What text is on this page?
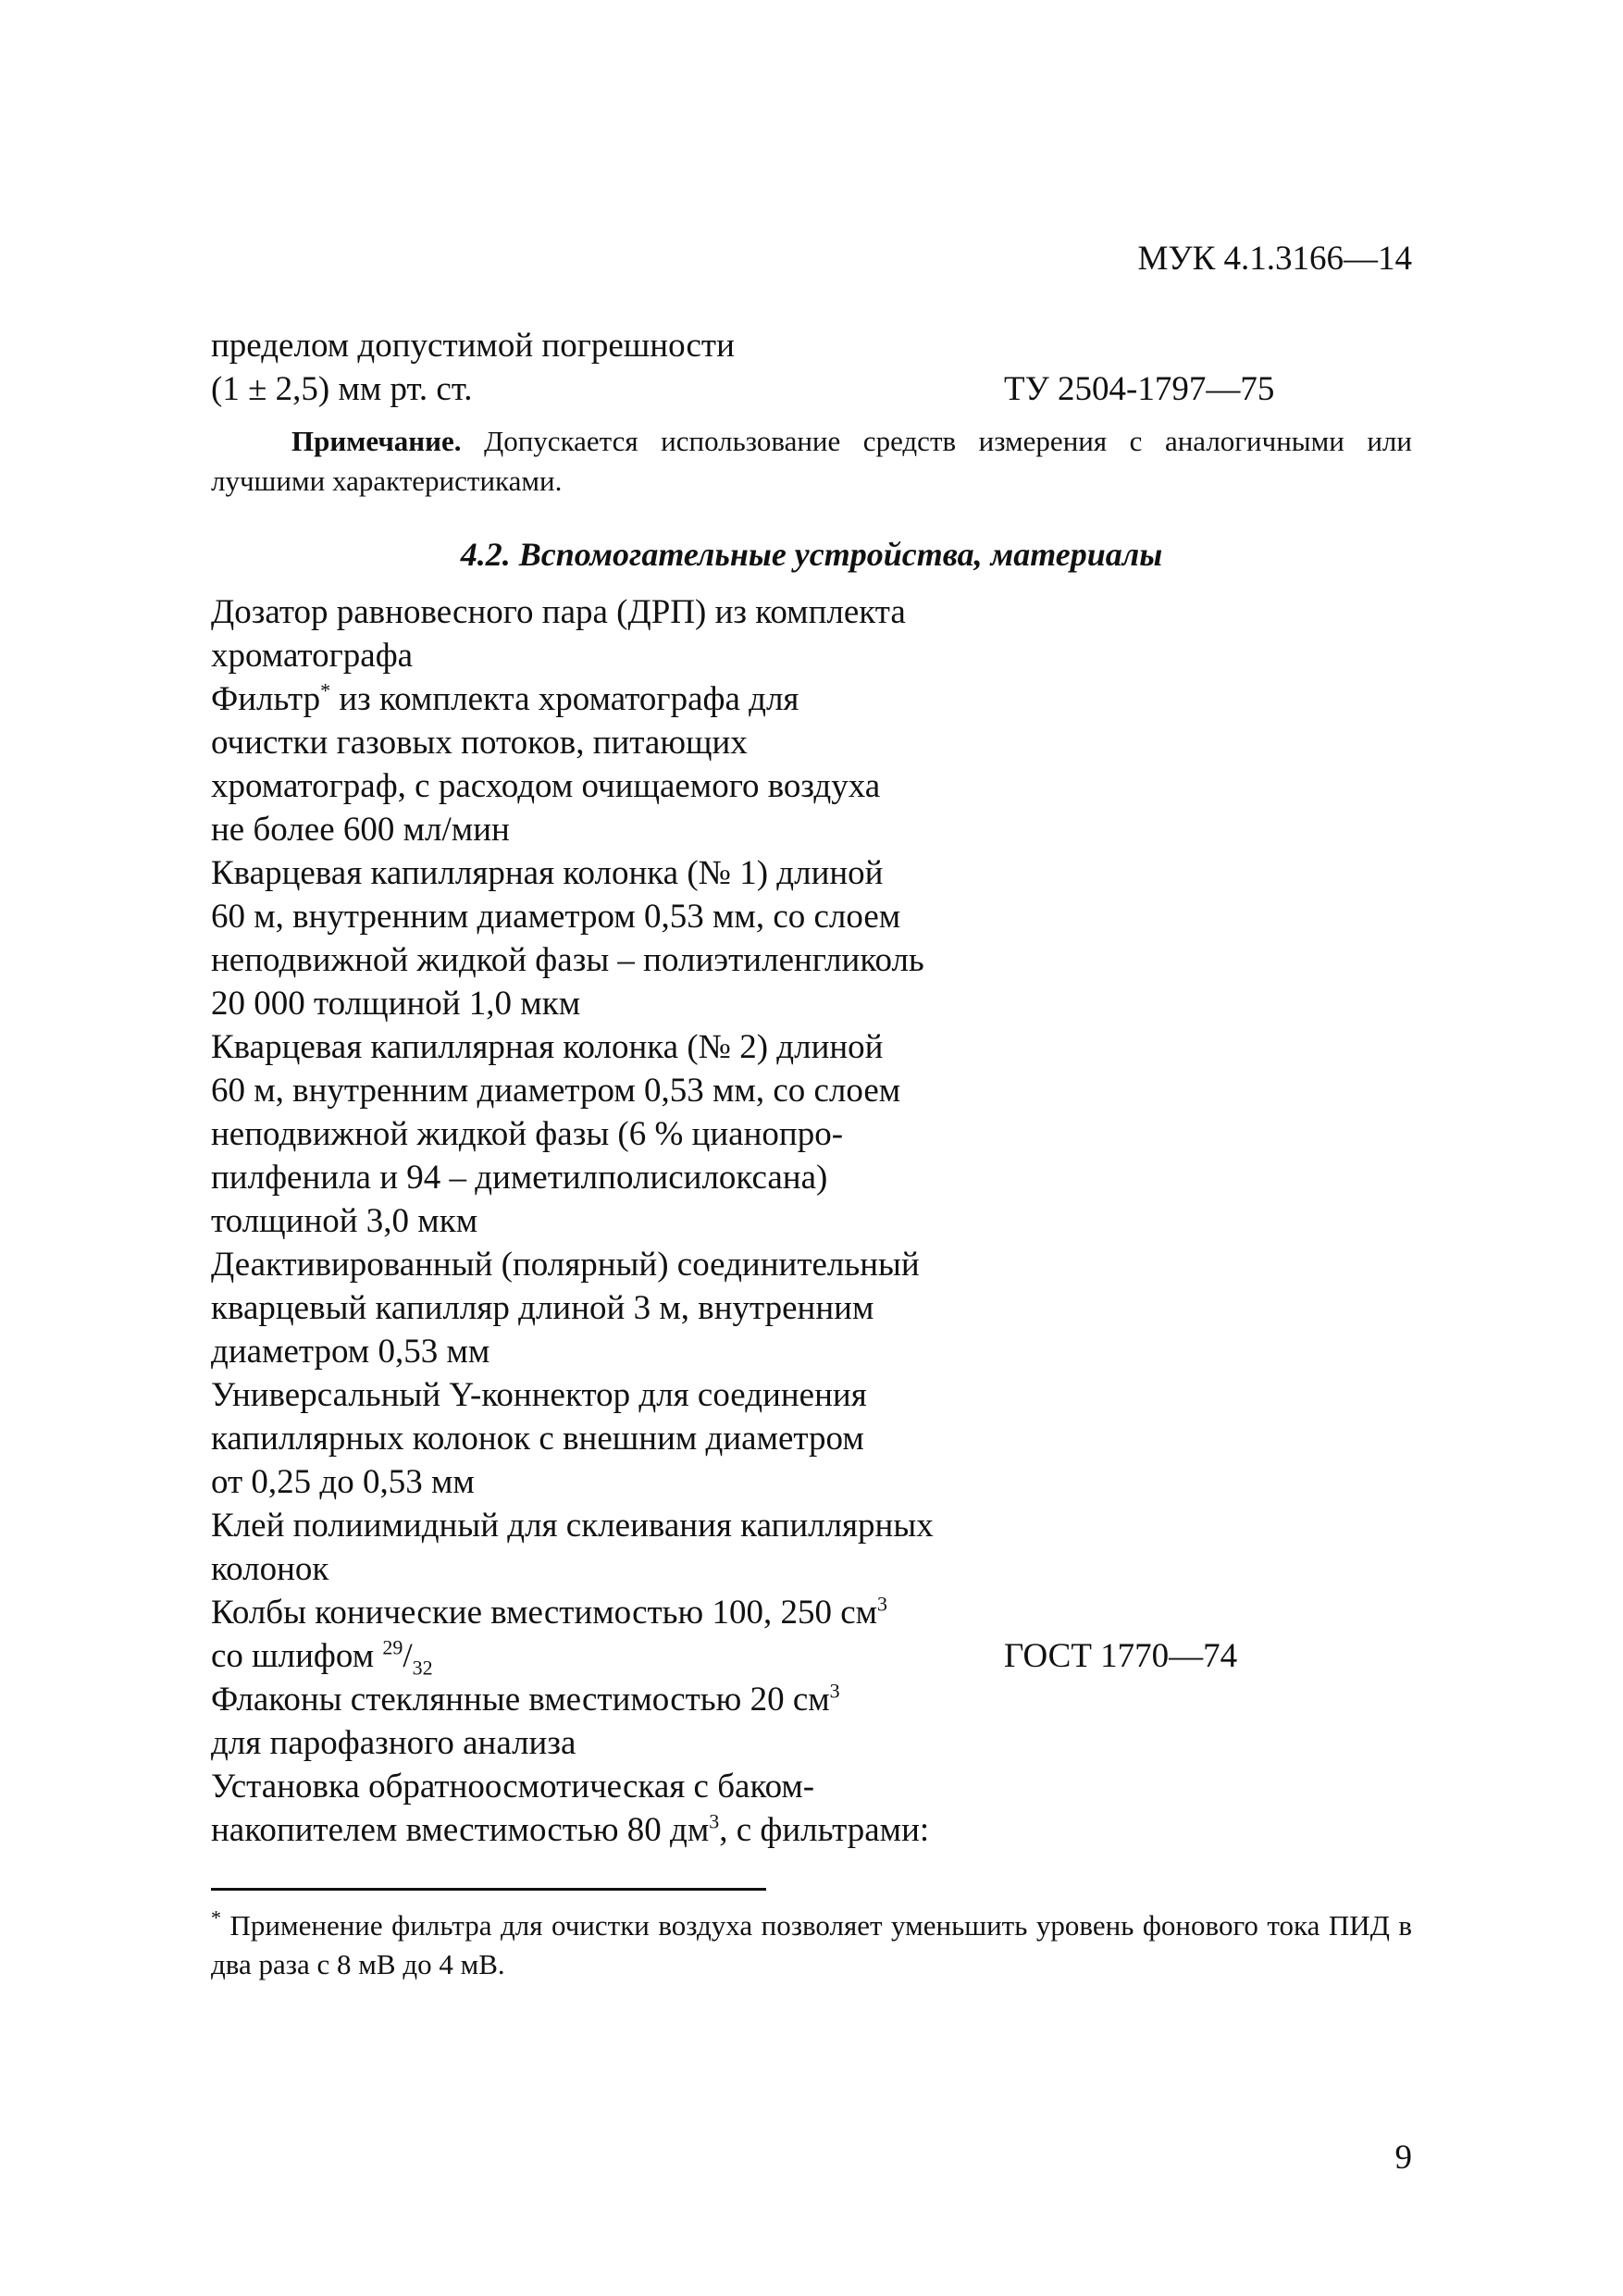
МУК 4.1.3166—14
пределом допустимой погрешности
(1 ± 2,5) мм рт. ст.	ТУ 2504-1797—75
Примечание. Допускается использование средств измерения с аналогичными или лучшими характеристиками.
4.2. Вспомогательные устройства, материалы
Дозатор равновесного пара (ДРП) из комплекта
хроматографа
Фильтр* из комплекта хроматографа для
очистки газовых потоков, питающих
хроматограф, с расходом очищаемого воздуха
не более 600 мл/мин
Кварцевая капиллярная колонка (№ 1) длиной
60 м, внутренним диаметром 0,53 мм, со слоем
неподвижной жидкой фазы – полиэтиленгликоль
20 000 толщиной 1,0 мкм
Кварцевая капиллярная колонка (№ 2) длиной
60 м, внутренним диаметром 0,53 мм, со слоем
неподвижной жидкой фазы (6 % цианопро-
пилфенила и 94 – диметилполисилоксана)
толщиной 3,0 мкм
Деактивированный (полярный) соединительный
кварцевый капилляр длиной 3 м, внутренним
диаметром 0,53 мм
Универсальный Y-коннектор для соединения
капиллярных колонок с внешним диаметром
от 0,25 до 0,53 мм
Клей полиимидный для склеивания капиллярных
колонок
Колбы конические вместимостью 100, 250 $см^3$
со шлифом $^{29}/_{32}$	ГОСТ 1770—74
Флаконы стеклянные вместимостью 20 $см^3$
для парофазного анализа
Установка обратноосмотическая с баком-
накопителем вместимостью 80 $дм^3$, с фильтрами:
* Применение фильтра для очистки воздуха позволяет уменьшить уровень фонового тока ПИД в два раза с 8 мВ до 4 мВ.
9
